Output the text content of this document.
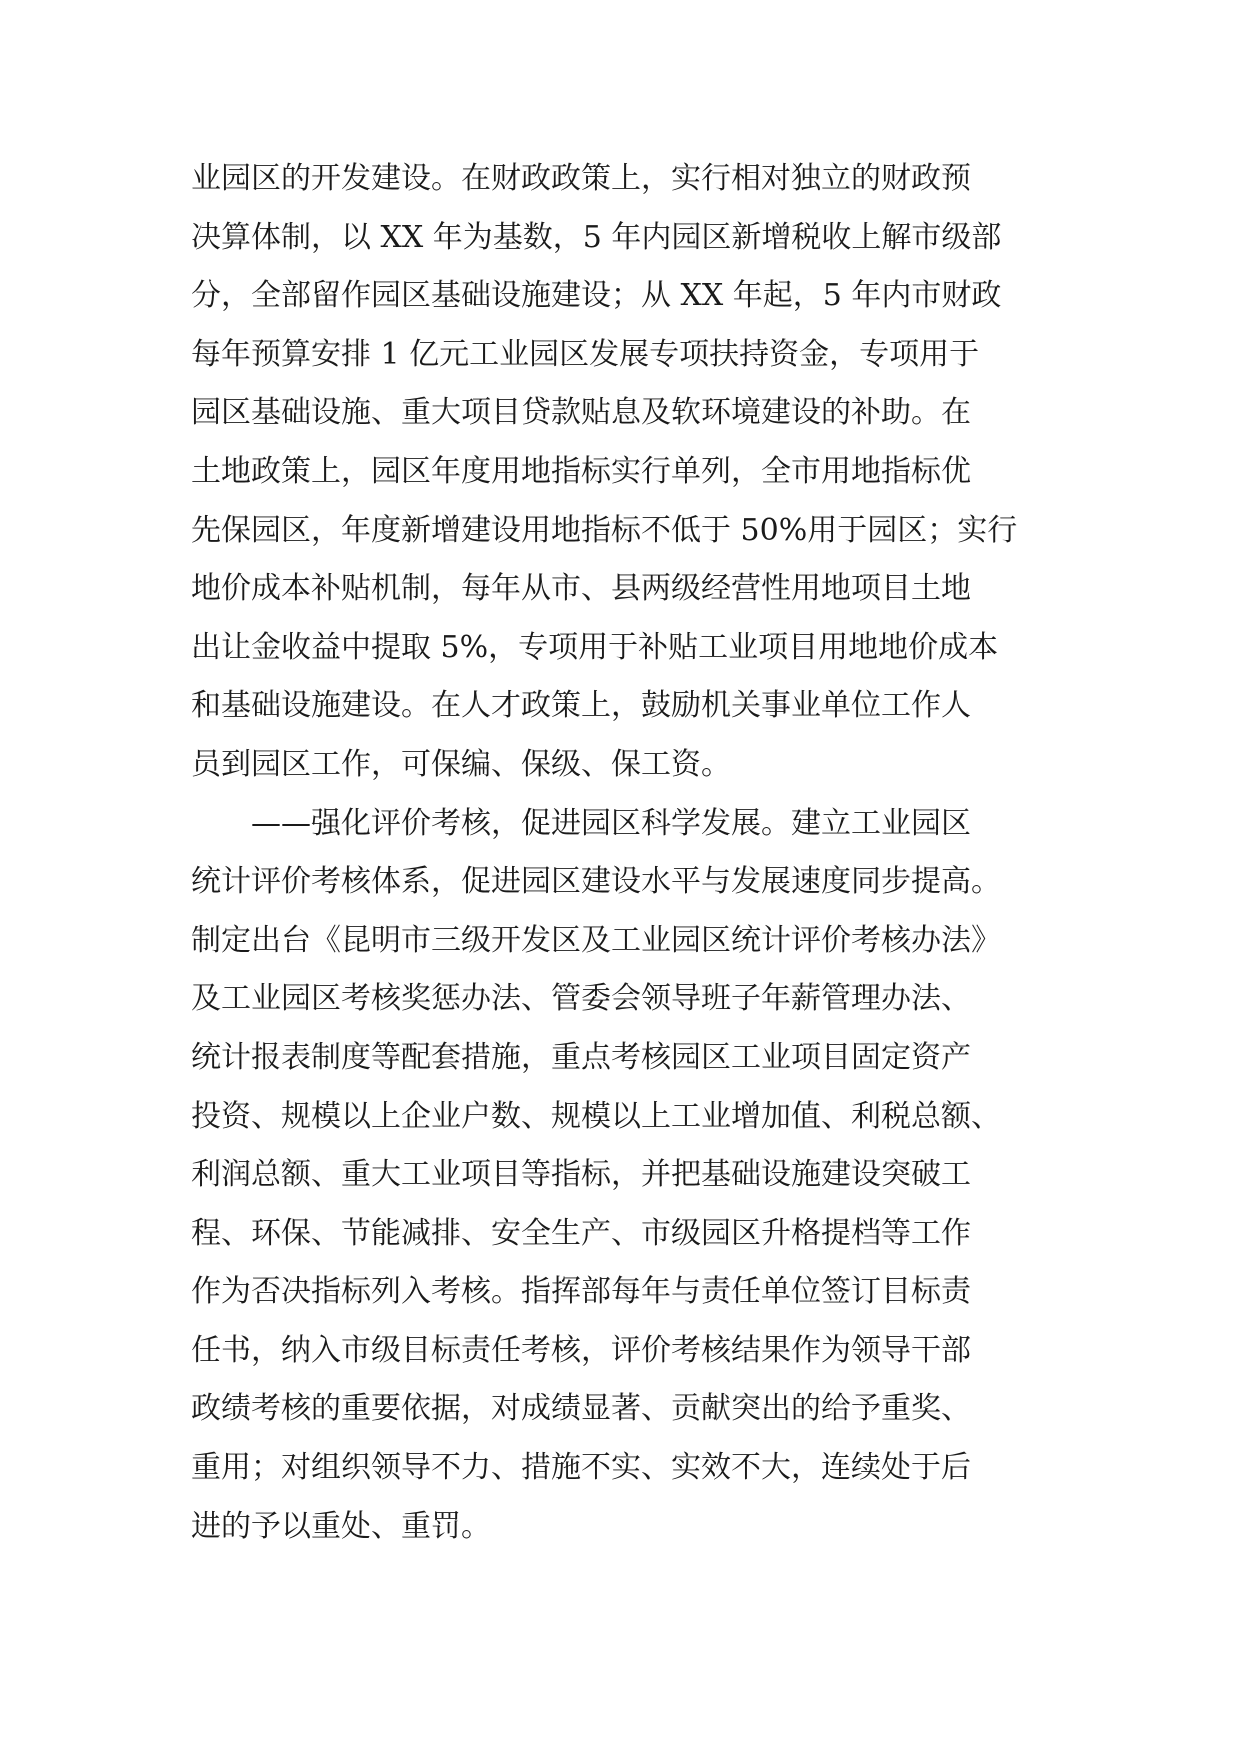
业园区的开发建设。在财政政策上，实行相对独立的财政预
决算体制，以 XX 年为基数，5 年内园区新增税收上解市级部
分，全部留作园区基础设施建设；从 XX 年起，5 年内市财政
每年预算安排 1 亿元工业园区发展专项扶持资金，专项用于
园区基础设施、重大项目贷款贴息及软环境建设的补助。在
土地政策上，园区年度用地指标实行单列，全市用地指标优
先保园区，年度新增建设用地指标不低于 50%用于园区；实行
地价成本补贴机制，每年从市、县两级经营性用地项目土地
出让金收益中提取 5%，专项用于补贴工业项目用地地价成本
和基础设施建设。在人才政策上，鼓励机关事业单位工作人
员到园区工作，可保编、保级、保工资。
——强化评价考核，促进园区科学发展。建立工业园区
统计评价考核体系，促进园区建设水平与发展速度同步提高。
制定出台《昆明市三级开发区及工业园区统计评价考核办法》
及工业园区考核奖惩办法、管委会领导班子年薪管理办法、
统计报表制度等配套措施，重点考核园区工业项目固定资产
投资、规模以上企业户数、规模以上工业增加值、利税总额、
利润总额、重大工业项目等指标，并把基础设施建设突破工
程、环保、节能减排、安全生产、市级园区升格提档等工作
作为否决指标列入考核。指挥部每年与责任单位签订目标责
任书，纳入市级目标责任考核，评价考核结果作为领导干部
政绩考核的重要依据，对成绩显著、贡献突出的给予重奖、
重用；对组织领导不力、措施不实、实效不大，连续处于后
进的予以重处、重罚。
